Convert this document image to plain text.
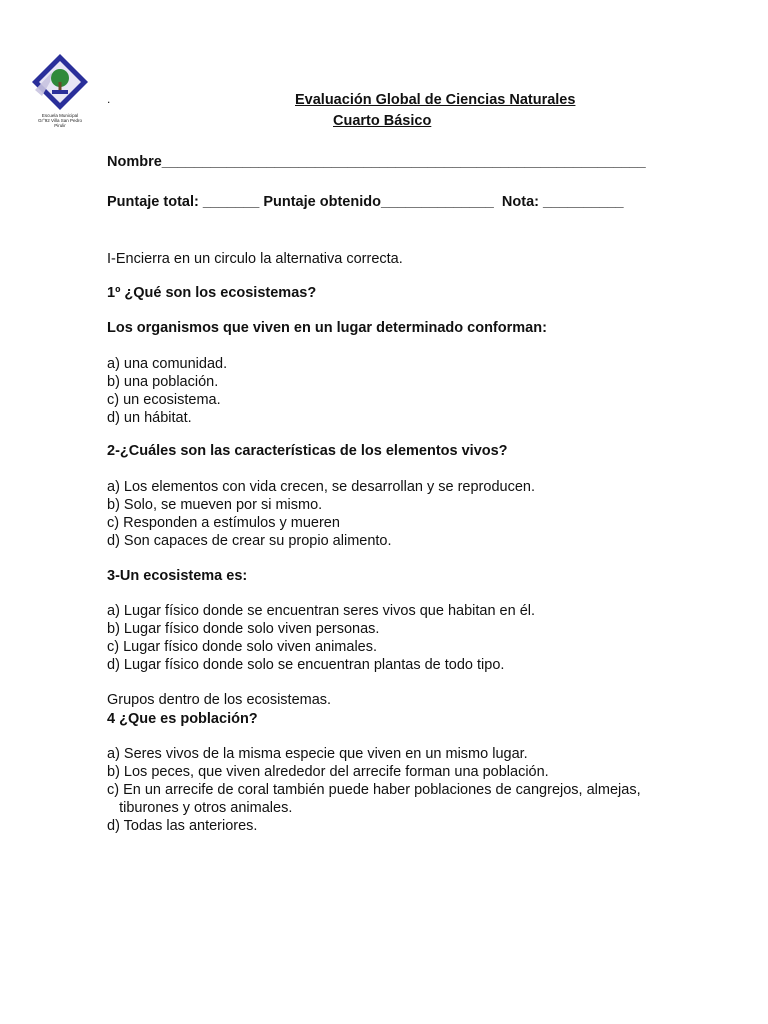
Escuela Municipal
Gr°92 Villa San Pedro
Pirulir
.	Evaluación Global de Ciencias Naturales
Cuarto Básico
Nombre____________________________________________________________
Puntaje total: _______ Puntaje obtenido______________  Nota: __________
I-Encierra en un circulo la alternativa correcta.
1º ¿Qué son los ecosistemas?
Los organismos que viven en un lugar determinado conforman:
a) una comunidad.
b) una población.
c) un ecosistema.
d) un hábitat.
2-¿Cuáles son las características de los elementos vivos?
a) Los elementos con vida crecen, se desarrollan y se reproducen.
b) Solo, se mueven por si mismo.
c) Responden a estímulos y mueren
d) Son capaces de crear su propio alimento.
3-Un ecosistema es:
a) Lugar físico donde se encuentran seres vivos que habitan en él.
b) Lugar físico donde solo viven personas.
c) Lugar físico donde solo viven animales.
d) Lugar físico donde solo se encuentran plantas de todo tipo.
Grupos dentro de los ecosistemas.
4 ¿Que es población?
a) Seres vivos de la misma especie que viven en un mismo lugar.
b) Los peces, que viven alrededor del arrecife forman una población.
c) En un arrecife de coral también puede haber poblaciones de cangrejos, almejas,
tiburones y otros animales.
d) Todas las anteriores.
